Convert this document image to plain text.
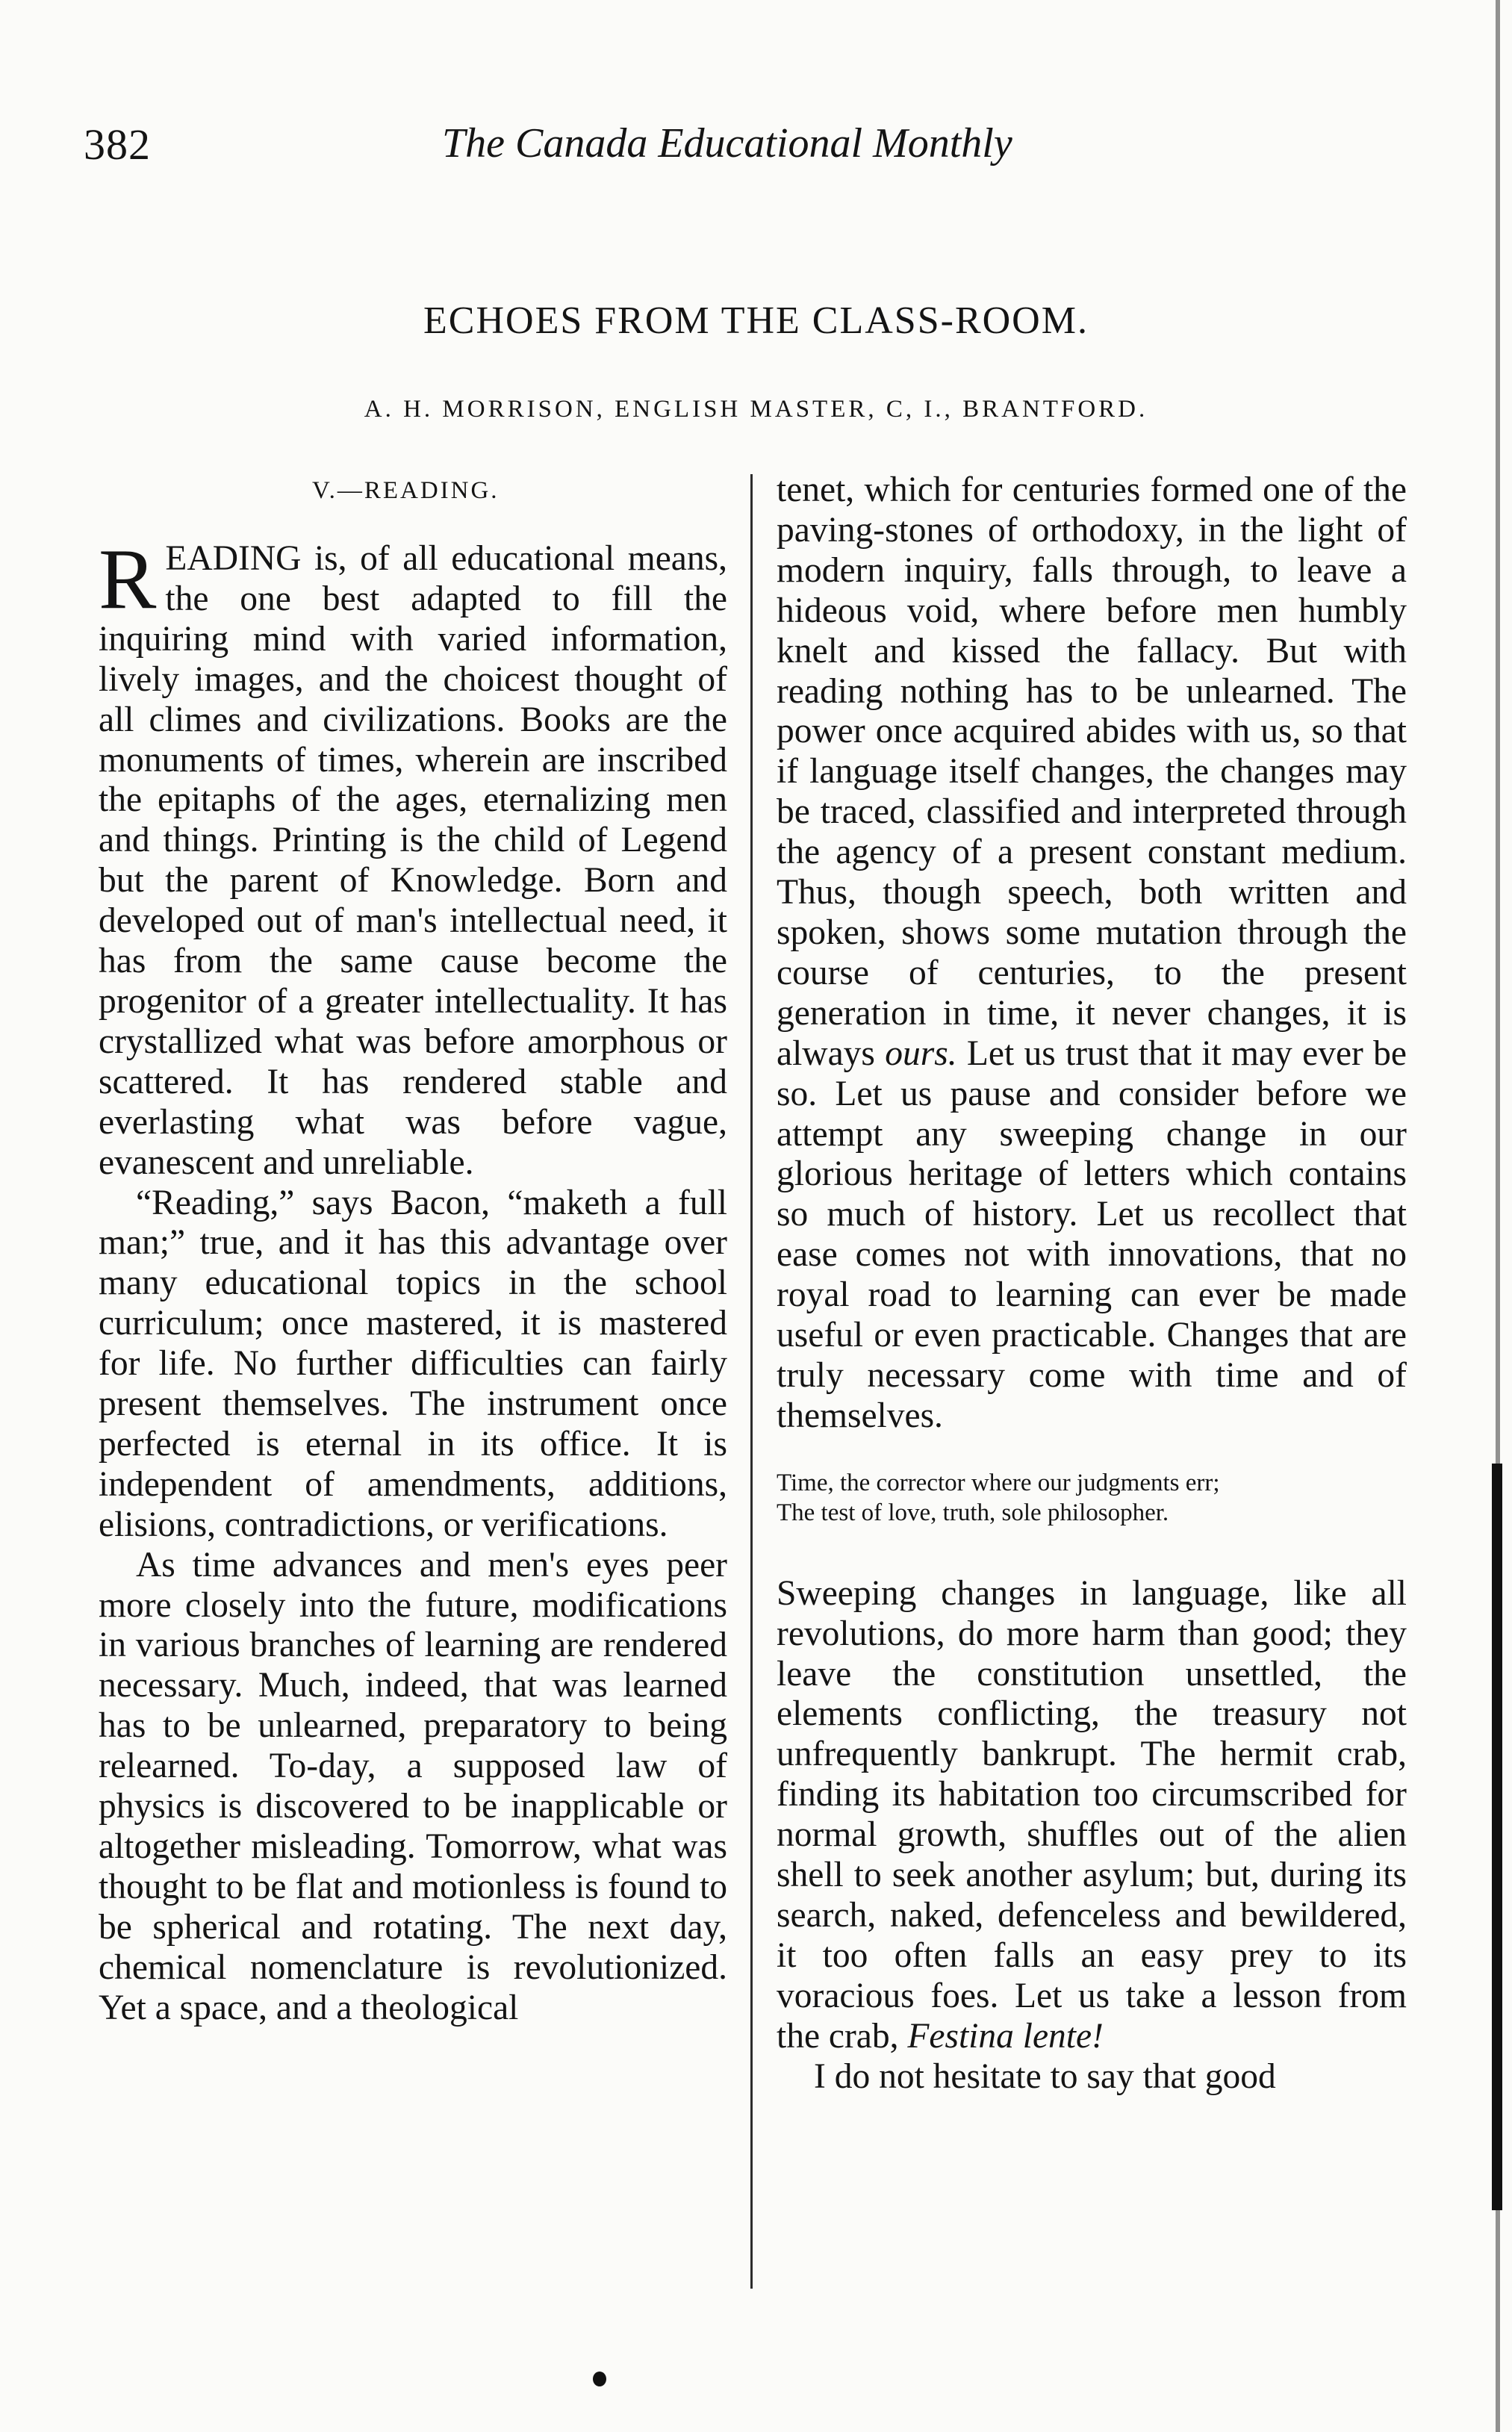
382	The Canada Educational Monthly
ECHOES FROM THE CLASS-ROOM.
A. H. MORRISON, ENGLISH MASTER, C, I., BRANTFORD.
V.—READING.

READING is, of all educational means, the one best adapted to fill the inquiring mind with varied information, lively images, and the choicest thought of all climes and civilizations. Books are the monuments of times, wherein are inscribed the epitaphs of the ages, eternalizing men and things. Printing is the child of Legend but the parent of Knowledge. Born and developed out of man's intellectual need, it has from the same cause become the progenitor of a greater intellectuality. It has crystallized what was before amorphous or scattered. It has rendered stable and everlasting what was before vague, evanescent and unreliable.

“Reading,” says Bacon, “maketh a full man;” true, and it has this advantage over many educational topics in the school curriculum; once mastered, it is mastered for life. No further difficulties can fairly present themselves. The instrument once perfected is eternal in its office. It is independent of amendments, additions, elisions, contradictions, or verifications.

As time advances and men's eyes peer more closely into the future, modifications in various branches of learning are rendered necessary. Much, indeed, that was learned has to be unlearned, preparatory to being relearned. To-day, a supposed law of physics is discovered to be inapplicable or altogether misleading. Tomorrow, what was thought to be flat and motionless is found to be spherical and rotating. The next day, chemical nomenclature is revolutionized. Yet a space, and a theological

tenet, which for centuries formed one of the paving-stones of orthodoxy, in the light of modern inquiry, falls through, to leave a hideous void, where before men humbly knelt and kissed the fallacy. But with reading nothing has to be unlearned. The power once acquired abides with us, so that if language itself changes, the changes may be traced, classified and interpreted through the agency of a present constant medium. Thus, though speech, both written and spoken, shows some mutation through the course of centuries, to the present generation in time, it never changes, it is always ours. Let us trust that it may ever be so. Let us pause and consider before we attempt any sweeping change in our glorious heritage of letters which contains so much of history. Let us recollect that ease comes not with innovations, that no royal road to learning can ever be made useful or even practicable. Changes that are truly necessary come with time and of themselves.

Time, the corrector where our judgments err;
The test of love, truth, sole philosopher.

Sweeping changes in language, like all revolutions, do more harm than good; they leave the constitution unsettled, the elements conflicting, the treasury not unfrequently bankrupt. The hermit crab, finding its habitation too circumscribed for normal growth, shuffles out of the alien shell to seek another asylum; but, during its search, naked, defenceless and bewildered, it too often falls an easy prey to its voracious foes. Let us take a lesson from the crab, Festina lente!

I do not hesitate to say that good
